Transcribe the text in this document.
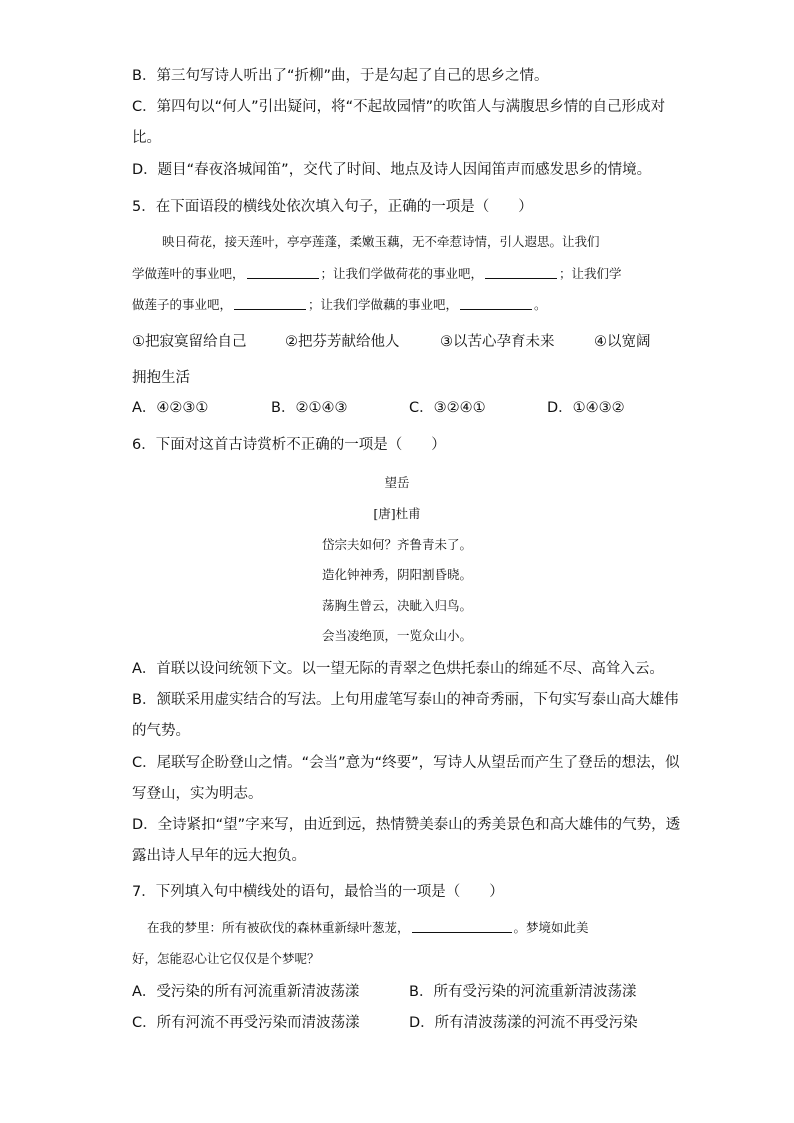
B．第三句写诗人听出了“折柳”曲，于是勾起了自己的思乡之情。
C．第四句以“何人”引出疑问，将“不起故园情”的吹笛人与满腹思乡情的自己形成对
比。
D．题目“春夜洛城闻笛”，交代了时间、地点及诗人因闻笛声而感发思乡的情境。
5．在下面语段的横线处依次填入句子，正确的一项是（　　）
映日荷花，接天莲叶，亭亭莲蓬，柔嫩玉藕，无不牵惹诗情，引人遐思。让我们
学做莲叶的事业吧，	；让我们学做荷花的事业吧，	；让我们学
做莲子的事业吧，	；让我们学做藕的事业吧，	。
①把寂寞留给自己	②把芬芳献给他人	③以苦心孕育未来	④以宽阔
拥抱生活
A．④②③①	B．②①④③	C．③②④①	D．①④③②
6．下面对这首古诗赏析不正确的一项是（　　）
望岳
[唐]杜甫
岱宗夫如何？齐鲁青未了。
造化钟神秀，阴阳割昏晓。
荡胸生曾云，决眦入归鸟。
会当凌绝顶，一览众山小。
A．首联以设问统领下文。以一望无际的青翠之色烘托泰山的绵延不尽、高耸入云。
B．颔联采用虚实结合的写法。上句用虚笔写泰山的神奇秀丽，下句实写泰山高大雄伟
的气势。
C．尾联写企盼登山之情。“会当”意为“终要”，写诗人从望岳而产生了登岳的想法，似
写登山，实为明志。
D．全诗紧扣“望”字来写，由近到远，热情赞美泰山的秀美景色和高大雄伟的气势，透
露出诗人早年的远大抱负。
7．下列填入句中横线处的语句，最恰当的一项是（　　）
在我的梦里：所有被砍伐的森林重新绿叶葱茏，	。梦境如此美
好，怎能忍心让它仅仅是个梦呢？
A．受污染的所有河流重新清波荡漾	B．所有受污染的河流重新清波荡漾
C．所有河流不再受污染而清波荡漾	D．所有清波荡漾的河流不再受污染
